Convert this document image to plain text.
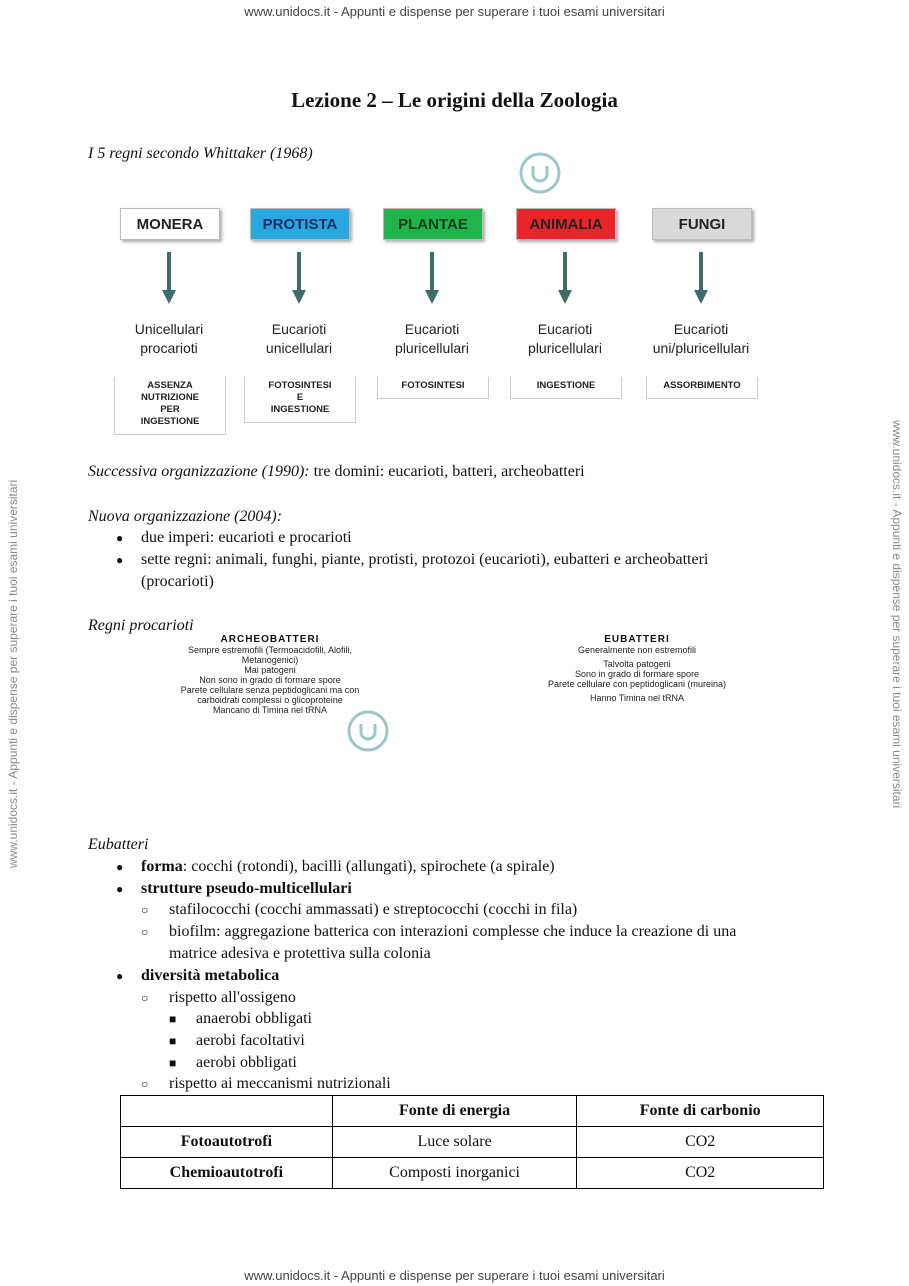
www.unidocs.it - Appunti e dispense per superare i tuoi esami universitari
www.unidocs.it - Appunti e dispense per superare i tuoi esami universitari
www.unidocs.it - Appunti e dispense per superare i tuoi esami universitari	www.unidocs.it - Appunti e dispense per superare i tuoi esami universitari
Lezione 2 – Le origini della Zoologia
I 5 regni secondo Whittaker (1968)
MONERA
Unicellulari
procarioti
ASSENZA
NUTRIZIONE
PER
INGESTIONE
PROTISTA
Eucarioti
unicellulari
FOTOSINTESI
E
INGESTIONE
PLANTAE
Eucarioti
pluricellulari
FOTOSINTESI
ANIMALIA
Eucarioti
pluricellulari
INGESTIONE
FUNGI
Eucarioti
uni/pluricellulari
ASSORBIMENTO
Successiva organizzazione (1990): tre domini: eucarioti, batteri, archeobatteri
Nuova organizzazione (2004):
● due imperi: eucarioti e procarioti
● sette regni: animali, funghi, piante, protisti, protozoi (eucarioti), eubatteri e archeobatteri
(procarioti)
Regni procarioti
ARCHEOBATTERI
Sempre estremofili (Termoacidofili, Alofili,
Metanogenici)
Mai patogeni
Non sono in grado di formare spore
Parete cellulare senza peptidoglicani ma con
carboidrati complessi o glicoproteine
Mancano di Timina nel tRNA
EUBATTERI
Generalmente non estremofili
Talvolta patogeni
Sono in grado di formare spore
Parete cellulare con peptidoglicani (mureina)
Hanno Timina nel tRNA
Eubatteri
● forma: cocchi (rotondi), bacilli (allungati), spirochete (a spirale)
● strutture pseudo-multicellulari
○ stafilococchi (cocchi ammassati) e streptococchi (cocchi in fila)
○ biofilm: aggregazione batterica con interazioni complesse che induce la creazione di una
matrice adesiva e protettiva sulla colonia
● diversità metabolica
○ rispetto all'ossigeno
■ anaerobi obbligati
■ aerobi facoltativi
■ aerobi obbligati
○ rispetto ai meccanismi nutrizionali
	Fonte di energia	Fonte di carbonio
Fotoautotrofi	Luce solare	CO2
Chemioautotrofi	Composti inorganici	CO2
